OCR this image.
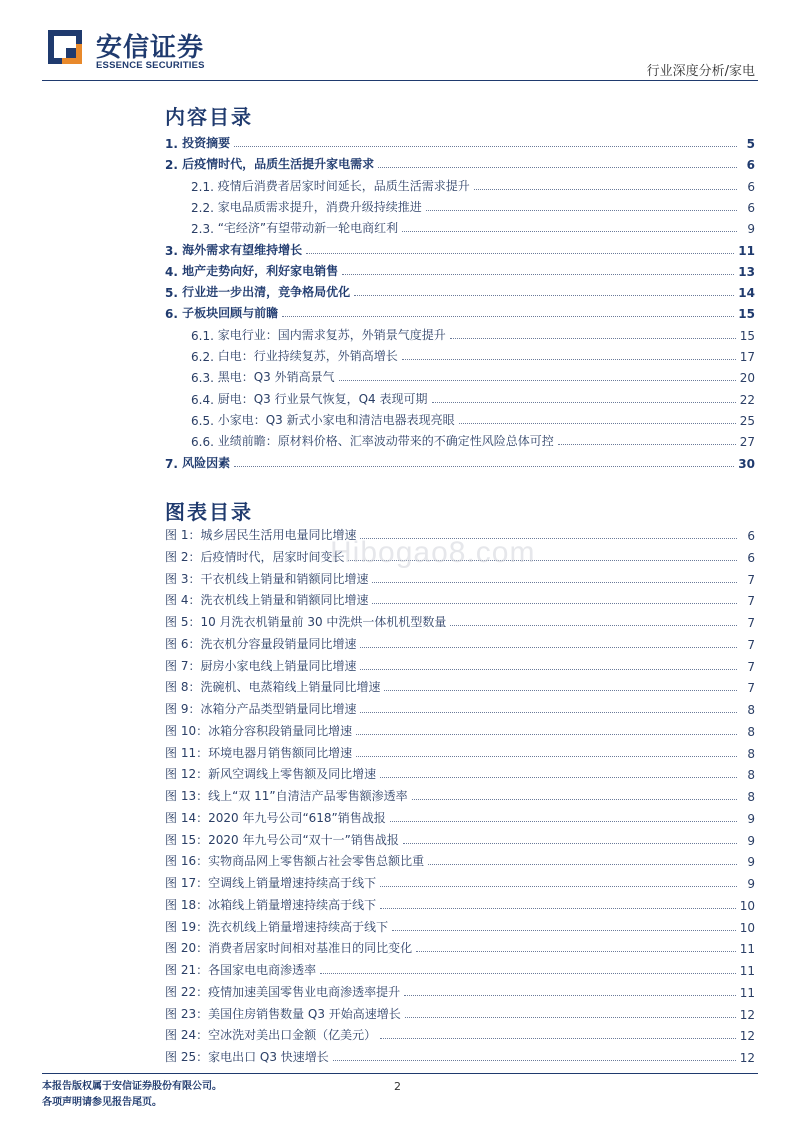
安信证券
ESSENCE SECURITIES	行业深度分析/家电
内容目录
1. 投资摘要	5
2. 后疫情时代，品质生活提升家电需求	6
2.1. 疫情后消费者居家时间延长，品质生活需求提升	6
2.2. 家电品质需求提升，消费升级持续推进	6
2.3. “宅经济”有望带动新一轮电商红利	9
3. 海外需求有望维持增长	11
4. 地产走势向好，利好家电销售	13
5. 行业进一步出清，竞争格局优化	14
6. 子板块回顾与前瞻	15
6.1. 家电行业：国内需求复苏，外销景气度提升	15
6.2. 白电：行业持续复苏，外销高增长	17
6.3. 黑电：Q3 外销高景气	20
6.4. 厨电：Q3 行业景气恢复，Q4 表现可期	22
6.5. 小家电：Q3 新式小家电和清洁电器表现亮眼	25
6.6. 业绩前瞻：原材料价格、汇率波动带来的不确定性风险总体可控	27
7. 风险因素	30
图表目录
图 1：城乡居民生活用电量同比增速	6
图 2：后疫情时代，居家时间变长	6
图 3：干衣机线上销量和销额同比增速	7
图 4：洗衣机线上销量和销额同比增速	7
图 5：10 月洗衣机销量前 30 中洗烘一体机机型数量	7
图 6：洗衣机分容量段销量同比增速	7
图 7：厨房小家电线上销量同比增速	7
图 8：洗碗机、电蒸箱线上销量同比增速	7
图 9：冰箱分产品类型销量同比增速	8
图 10：冰箱分容积段销量同比增速	8
图 11：环境电器月销售额同比增速	8
图 12：新风空调线上零售额及同比增速	8
图 13：线上“双 11”自清洁产品零售额渗透率	8
图 14：2020 年九号公司“618”销售战报	9
图 15：2020 年九号公司“双十一”销售战报	9
图 16：实物商品网上零售额占社会零售总额比重	9
图 17：空调线上销量增速持续高于线下	9
图 18：冰箱线上销量增速持续高于线下	10
图 19：洗衣机线上销量增速持续高于线下	10
图 20：消费者居家时间相对基准日的同比变化	11
图 21：各国家电电商渗透率	11
图 22：疫情加速美国零售业电商渗透率提升	11
图 23：美国住房销售数量 Q3 开始高速增长	12
图 24：空冰洗对美出口金额（亿美元）	12
图 25：家电出口 Q3 快速增长	12
Hibogao8.com
本报告版权属于安信证券股份有限公司。
各项声明请参见报告尾页。
2
